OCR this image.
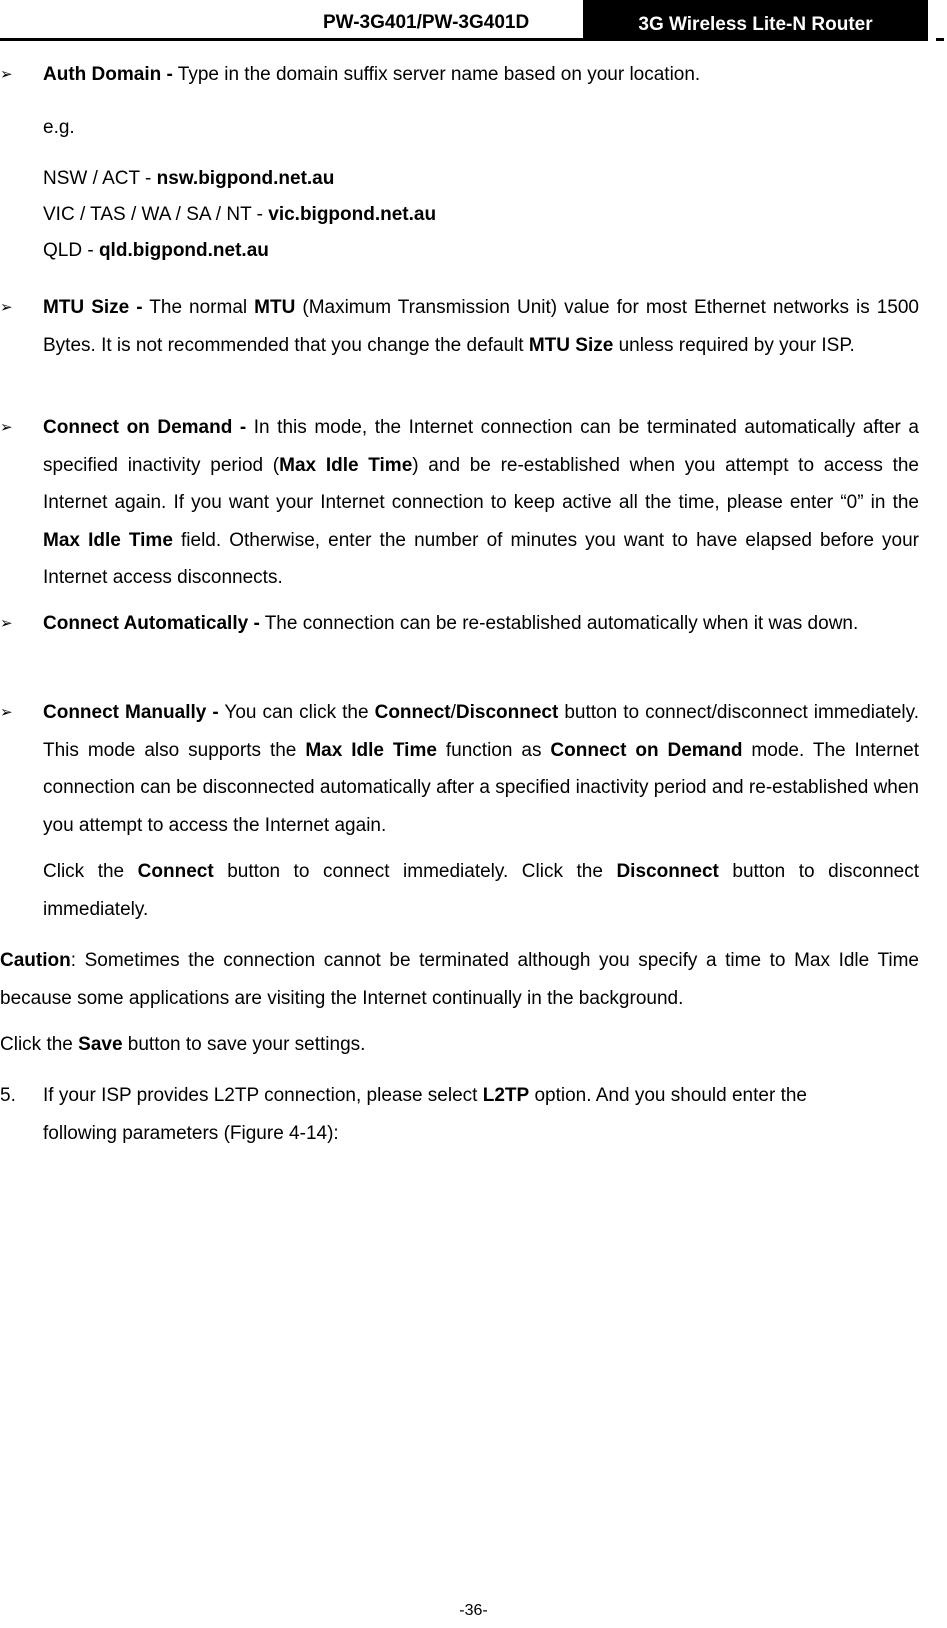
PW-3G401/PW-3G401D	3G Wireless Lite-N Router
➢	Auth Domain - Type in the domain suffix server name based on your location.
e.g.
NSW / ACT - nsw.bigpond.net.au
VIC / TAS / WA / SA / NT - vic.bigpond.net.au
QLD - qld.bigpond.net.au
➢	MTU Size - The normal MTU (Maximum Transmission Unit) value for most Ethernet networks is 1500 Bytes. It is not recommended that you change the default MTU Size unless required by your ISP.
➢	Connect on Demand - In this mode, the Internet connection can be terminated automatically after a specified inactivity period (Max Idle Time) and be re-established when you attempt to access the Internet again. If you want your Internet connection to keep active all the time, please enter “0” in the Max Idle Time field. Otherwise, enter the number of minutes you want to have elapsed before your Internet access disconnects.
➢	Connect Automatically - The connection can be re-established automatically when it was down.
➢	Connect Manually - You can click the Connect/Disconnect button to connect/disconnect immediately. This mode also supports the Max Idle Time function as Connect on Demand mode. The Internet connection can be disconnected automatically after a specified inactivity period and re-established when you attempt to access the Internet again.
Click the Connect button to connect immediately. Click the Disconnect button to disconnect immediately.
Caution: Sometimes the connection cannot be terminated although you specify a time to Max Idle Time because some applications are visiting the Internet continually in the background.
Click the Save button to save your settings.
5. If your ISP provides L2TP connection, please select L2TP option. And you should enter the following parameters (Figure 4-14):
-36-
